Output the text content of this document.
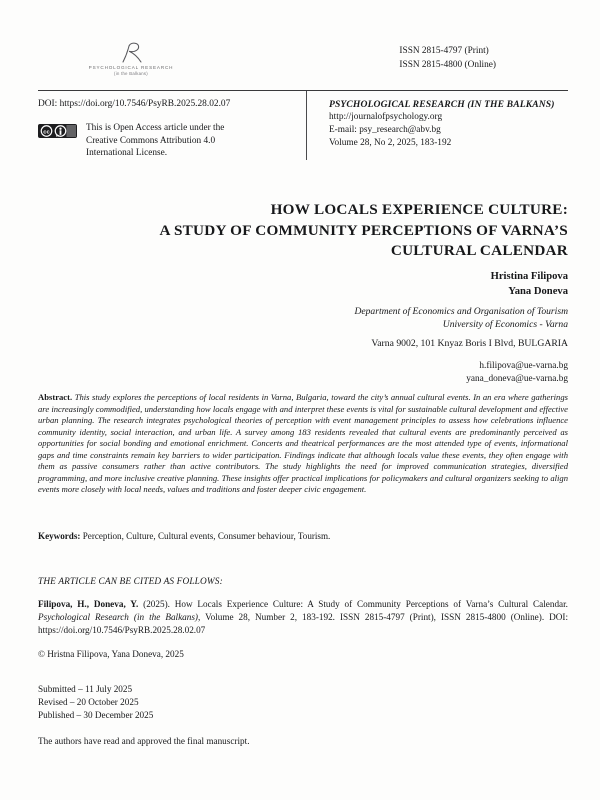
PSYCHOLOGICAL RESEARCH
(in the Balkans)
ISSN 2815-4797 (Print)
ISSN 2815-4800 (Online)
DOI: https://doi.org/10.7546/PsyRB.2025.28.02.07
cc
BY
This is Open Access article under the
Creative Commons Attribution 4.0
International License.
PSYCHOLOGICAL RESEARCH (IN THE BALKANS)
http://journalofpsychology.org
E-mail: psy_research@abv.bg
Volume 28, No 2, 2025, 183-192
HOW LOCALS EXPERIENCE CULTURE:
A STUDY OF COMMUNITY PERCEPTIONS OF VARNA’S
CULTURAL CALENDAR
Hristina Filipova
Yana Doneva
Department of Economics and Organisation of Tourism
University of Economics - Varna
Varna 9002, 101 Knyaz Boris I Blvd, BULGARIA
h.filipova@ue-varna.bg
yana_doneva@ue-varna.bg
Abstract. This study explores the perceptions of local residents in Varna, Bulgaria, toward the city’s annual cultural events. In an era where gatherings are increasingly commodified, understanding how locals engage with and interpret these events is vital for sustainable cultural development and effective urban planning. The research integrates psychological theories of perception with event management principles to assess how celebrations influence community identity, social interaction, and urban life. A survey among 183 residents revealed that cultural events are predominantly perceived as opportunities for social bonding and emotional enrichment. Concerts and theatrical performances are the most attended type of events, informational gaps and time constraints remain key barriers to wider participation. Findings indicate that although locals value these events, they often engage with them as passive consumers rather than active contributors. The study highlights the need for improved communication strategies, diversified programming, and more inclusive creative planning. These insights offer practical implications for policymakers and cultural organizers seeking to align events more closely with local needs, values and traditions and foster deeper civic engagement.
Keywords: Perception, Culture, Cultural events, Consumer behaviour, Tourism.
THE ARTICLE CAN BE CITED AS FOLLOWS:
Filipova, H., Doneva, Y. (2025). How Locals Experience Culture: A Study of Community Perceptions of Varna’s Cultural Calendar. Psychological Research (in the Balkans), Volume 28, Number 2, 183-192. ISSN 2815-4797 (Print), ISSN 2815-4800 (Online). DOI: https://doi.org/10.7546/PsyRB.2025.28.02.07
© Hristna Filipova, Yana Doneva, 2025
Submitted – 11 July 2025
Revised – 20 October 2025
Published – 30 December 2025
The authors have read and approved the final manuscript.
